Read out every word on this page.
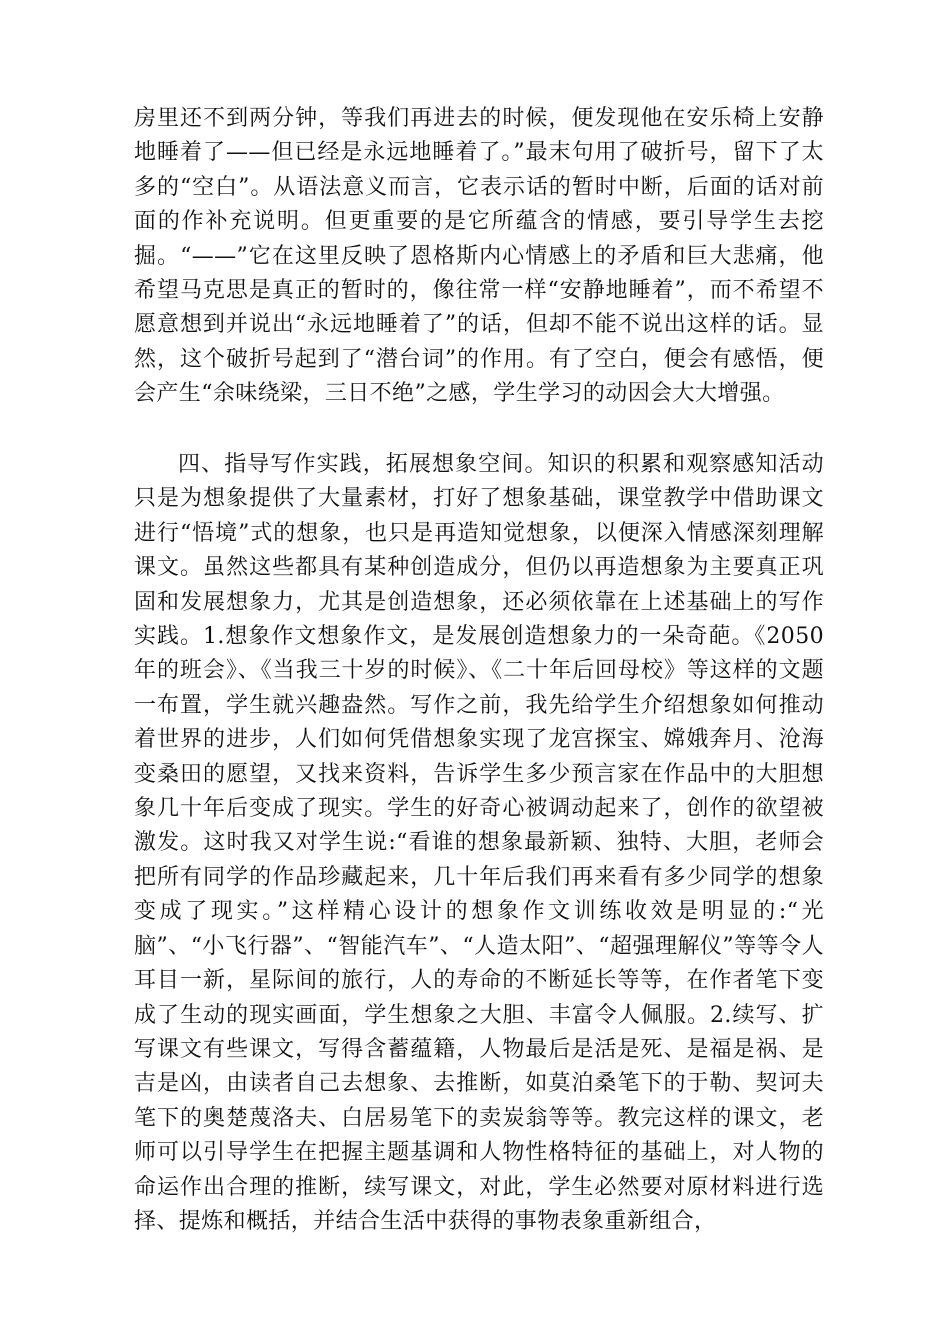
房里还不到两分钟，等我们再进去的时候，便发现他在安乐椅上安静地睡着了——但已经是永远地睡着了。”最末句用了破折号，留下了太多的“空白”。从语法意义而言，它表示话的暂时中断，后面的话对前面的作补充说明。但更重要的是它所蕴含的情感，要引导学生去挖掘。“——”它在这里反映了恩格斯内心情感上的矛盾和巨大悲痛，他希望马克思是真正的暂时的，像往常一样“安静地睡着”，而不希望不愿意想到并说出“永远地睡着了”的话，但却不能不说出这样的话。显然，这个破折号起到了“潜台词”的作用。有了空白，便会有感悟，便会产生“余味绕梁，三日不绝”之感，学生学习的动因会大大增强。

四、指导写作实践，拓展想象空间。知识的积累和观察感知活动只是为想象提供了大量素材，打好了想象基础，课堂教学中借助课文进行“悟境”式的想象，也只是再造知觉想象，以便深入情感深刻理解课文。虽然这些都具有某种创造成分，但仍以再造想象为主要真正巩固和发展想象力，尤其是创造想象，还必须依靠在上述基础上的写作实践。1.想象作文想象作文，是发展创造想象力的一朵奇葩。《2050年的班会》、《当我三十岁的时候》、《二十年后回母校》等这样的文题一布置，学生就兴趣盎然。写作之前，我先给学生介绍想象如何推动着世界的进步，人们如何凭借想象实现了龙宫探宝、嫦娥奔月、沧海变桑田的愿望，又找来资料，告诉学生多少预言家在作品中的大胆想象几十年后变成了现实。学生的好奇心被调动起来了，创作的欲望被激发。这时我又对学生说:“看谁的想象最新颖、独特、大胆，老师会把所有同学的作品珍藏起来，几十年后我们再来看有多少同学的想象变成了现实。”这样精心设计的想象作文训练收效是明显的:“光脑”、“小飞行器”、“智能汽车”、“人造太阳”、“超强理解仪”等等令人耳目一新，星际间的旅行，人的寿命的不断延长等等，在作者笔下变成了生动的现实画面，学生想象之大胆、丰富令人佩服。2.续写、扩写课文有些课文，写得含蓄蕴籍，人物最后是活是死、是福是祸、是吉是凶，由读者自己去想象、去推断，如莫泊桑笔下的于勒、契诃夫笔下的奥楚蔑洛夫、白居易笔下的卖炭翁等等。教完这样的课文，老师可以引导学生在把握主题基调和人物性格特征的基础上，对人物的命运作出合理的推断，续写课文，对此，学生必然要对原材料进行选择、提炼和概括，并结合生活中获得的事物表象重新组合，
